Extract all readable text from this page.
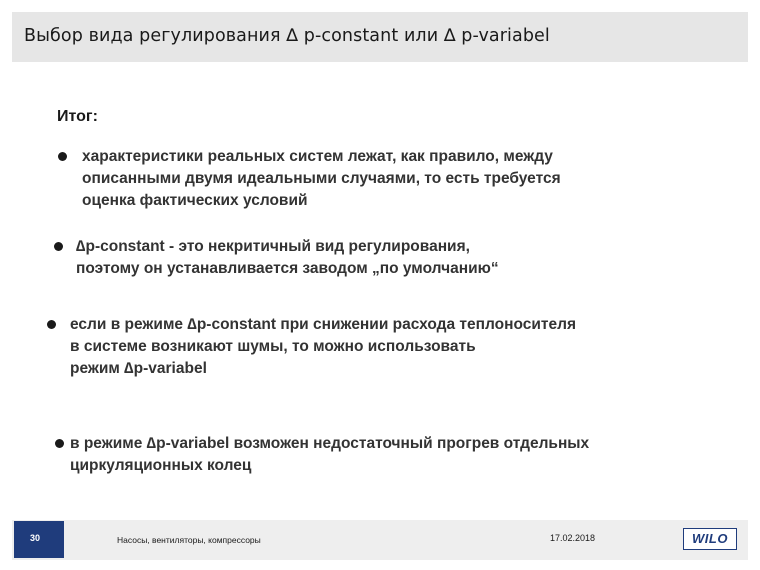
Выбор вида регулирования ∆ p-constant или ∆ p-variabel
Итог:
характеристики реальных систем лежат, как правило, между
описанными двумя идеальными случаями, то есть требуется
оценка фактических условий
∆p-constant - это некритичный вид регулирования,
поэтому он устанавливается заводом „по умолчанию“
если в режиме ∆p-constant при снижении расхода теплоносителя
в системе возникают шумы, то можно использовать
режим ∆p-variabel
в режиме ∆p-variabel возможен недостаточный прогрев отдельных
циркуляционных колец
30	Насосы, вентиляторы, компрессоры	17.02.2018	WILO
